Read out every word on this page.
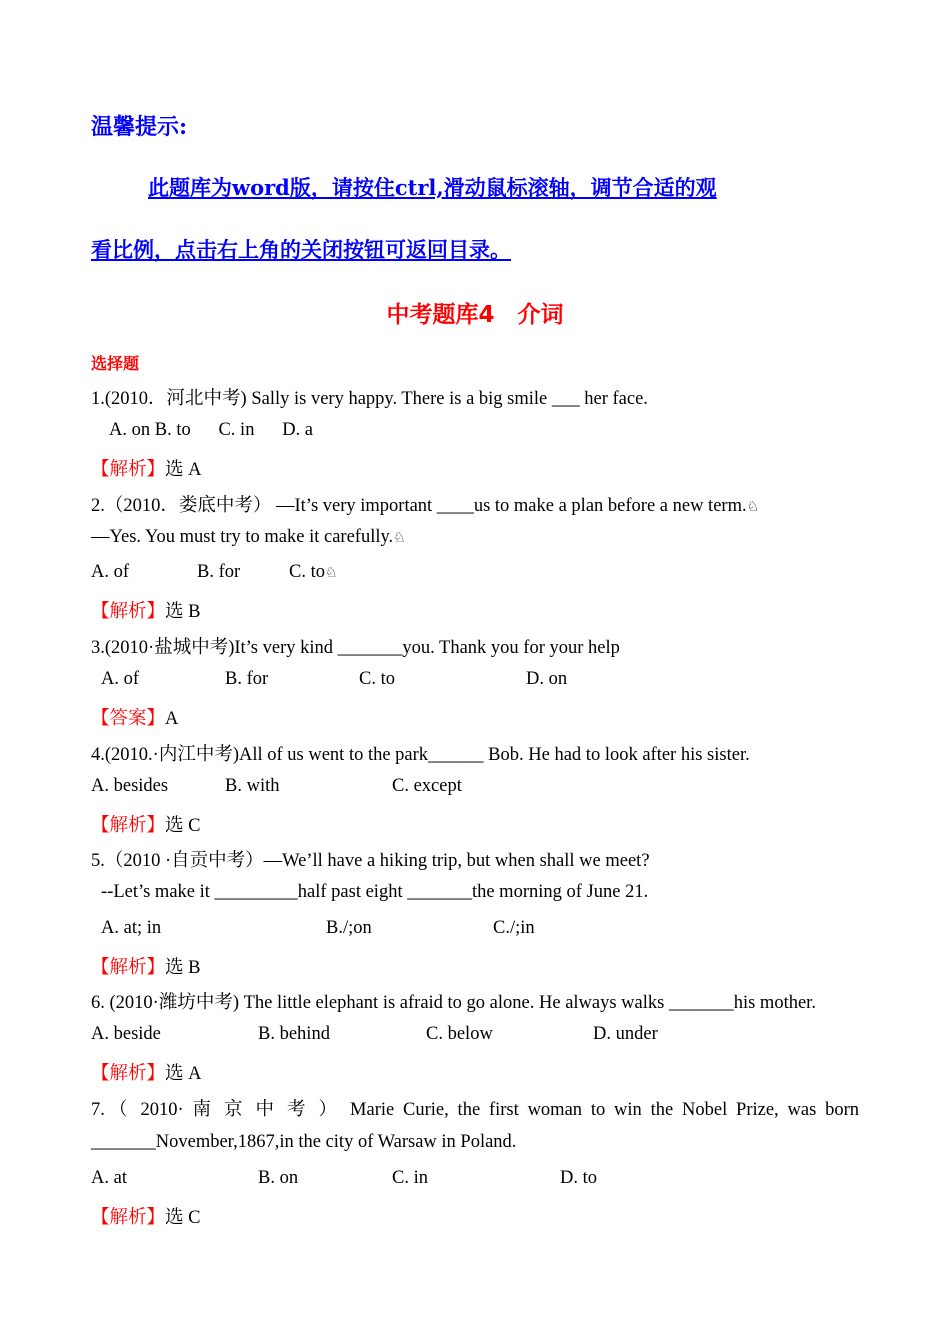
温馨提示:
此题库为word版，请按住ctrl,滑动鼠标滚轴，调节合适的观
看比例，点击右上角的关闭按钮可返回目录。
中考题库4　介词
选择题
1.(2010．河北中考) Sally is very happy. There is a big smile ___ her face.
A. on B. to      C. in      D. a
【解析】选 A
2.（2010．娄底中考） —It’s very important ____us to make a plan before a new term.♘
—Yes. You must try to make it carefully.♘
A. of	B. for	C. to♘
【解析】选 B
3.(2010·盐城中考)It’s very kind _______you. Thank you for your help
A. of	B. for	C. to	D. on
【答案】A
4.(2010.·内江中考)All of us went to the park______ Bob. He had to look after his sister.
A. besides	B. with	C. except
【解析】选 C
5.（2010 ·自贡中考）—We’ll have a hiking trip, but when shall we meet?
--Let’s make it _________half past eight _______the morning of June 21.
A. at; in	B./;on	C./;in
【解析】选 B
6. (2010·潍坊中考) The little elephant is afraid to go alone. He always walks _______his mother.
A. beside	B. behind	C. below	D. under
【解析】选 A
7.（ 2010· 南 京 中 考 ） Marie Curie, the first woman to win the Nobel Prize, was born
_______November,1867,in the city of Warsaw in Poland.
A. at	B. on	C. in	D. to
【解析】选 C
